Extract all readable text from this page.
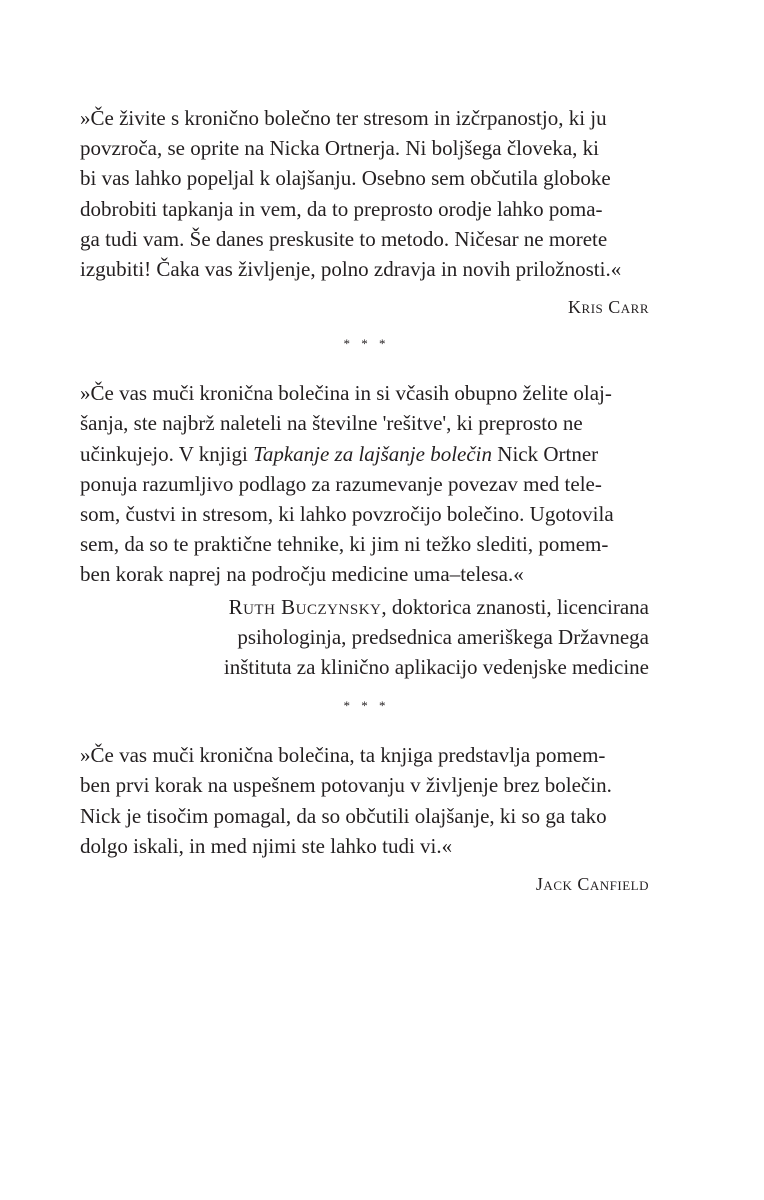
»Če živite s kronično bolečno ter stresom in izčrpanostjo, ki ju
povzroča, se oprite na Nicka Ortnerja. Ni boljšega človeka, ki
bi vas lahko popeljal k olajšanju. Osebno sem občutila globoke
dobrobiti tapkanja in vem, da to preprosto orodje lahko poma-
ga tudi vam. Še danes preskusite to metodo. Ničesar ne morete
izgubiti! Čaka vas življenje, polno zdravja in novih priložnosti.«
Kris Carr
* * *
»Če vas muči kronična bolečina in si včasih obupno želite olaj-
šanja, ste najbrž naleteli na številne 'rešitve', ki preprosto ne
učinkujejo. V knjigi Tapkanje za lajšanje bolečin Nick Ortner
ponuja razumljivo podlago za razumevanje povezav med tele-
som, čustvi in stresom, ki lahko povzročijo bolečino. Ugotovila
sem, da so te praktične tehnike, ki jim ni težko slediti, pomem-
ben korak naprej na področju medicine uma–telesa.«
Ruth Buczynsky, doktorica znanosti, licencirana
psihologinja, predsednica ameriškega Državnega
inštituta za klinično aplikacijo vedenjske medicine
* * *
»Če vas muči kronična bolečina, ta knjiga predstavlja pomem-
ben prvi korak na uspešnem potovanju v življenje brez bolečin.
Nick je tisočim pomagal, da so občutili olajšanje, ki so ga tako
dolgo iskali, in med njimi ste lahko tudi vi.«
Jack Canfield
